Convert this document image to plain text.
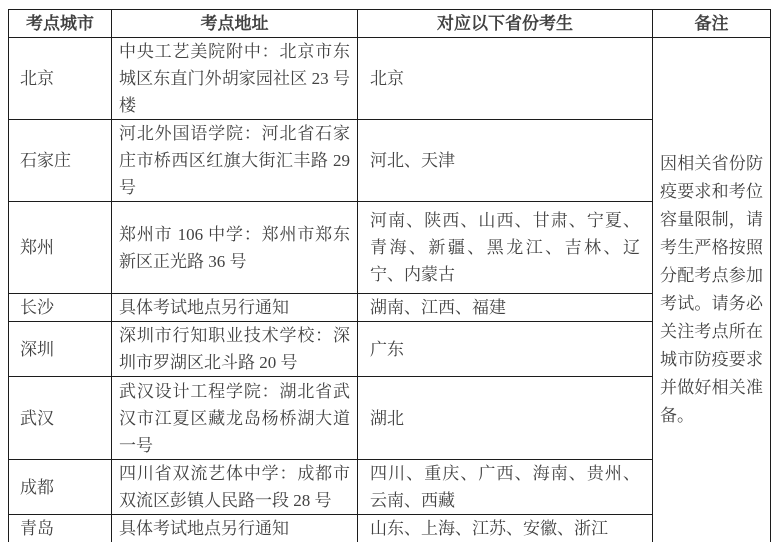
考点城市	考点地址	对应以下省份考生	备注
北京	中央工艺美院附中：北京市东城区东直门外胡家园社区 23 号楼	北京	因相关省份防疫要求和考位容量限制，请考生严格按照分配考点参加考试。请务必关注考点所在城市防疫要求并做好相关准备。
石家庄	河北外国语学院：河北省石家庄市桥西区红旗大街汇丰路 29 号	河北、天津	
郑州	郑州市 106 中学：郑州市郑东新区正光路 36 号	河南、陕西、山西、甘肃、宁夏、青海、新疆、黑龙江、吉林、辽宁、内蒙古	
长沙	具体考试地点另行通知	湖南、江西、福建	
深圳	深圳市行知职业技术学校：深圳市罗湖区北斗路 20 号	广东	
武汉	武汉设计工程学院：湖北省武汉市江夏区藏龙岛杨桥湖大道一号	湖北	
成都	四川省双流艺体中学：成都市双流区彭镇人民路一段 28 号	四川、重庆、广西、海南、贵州、云南、西藏	
青岛	具体考试地点另行通知	山东、上海、江苏、安徽、浙江	
